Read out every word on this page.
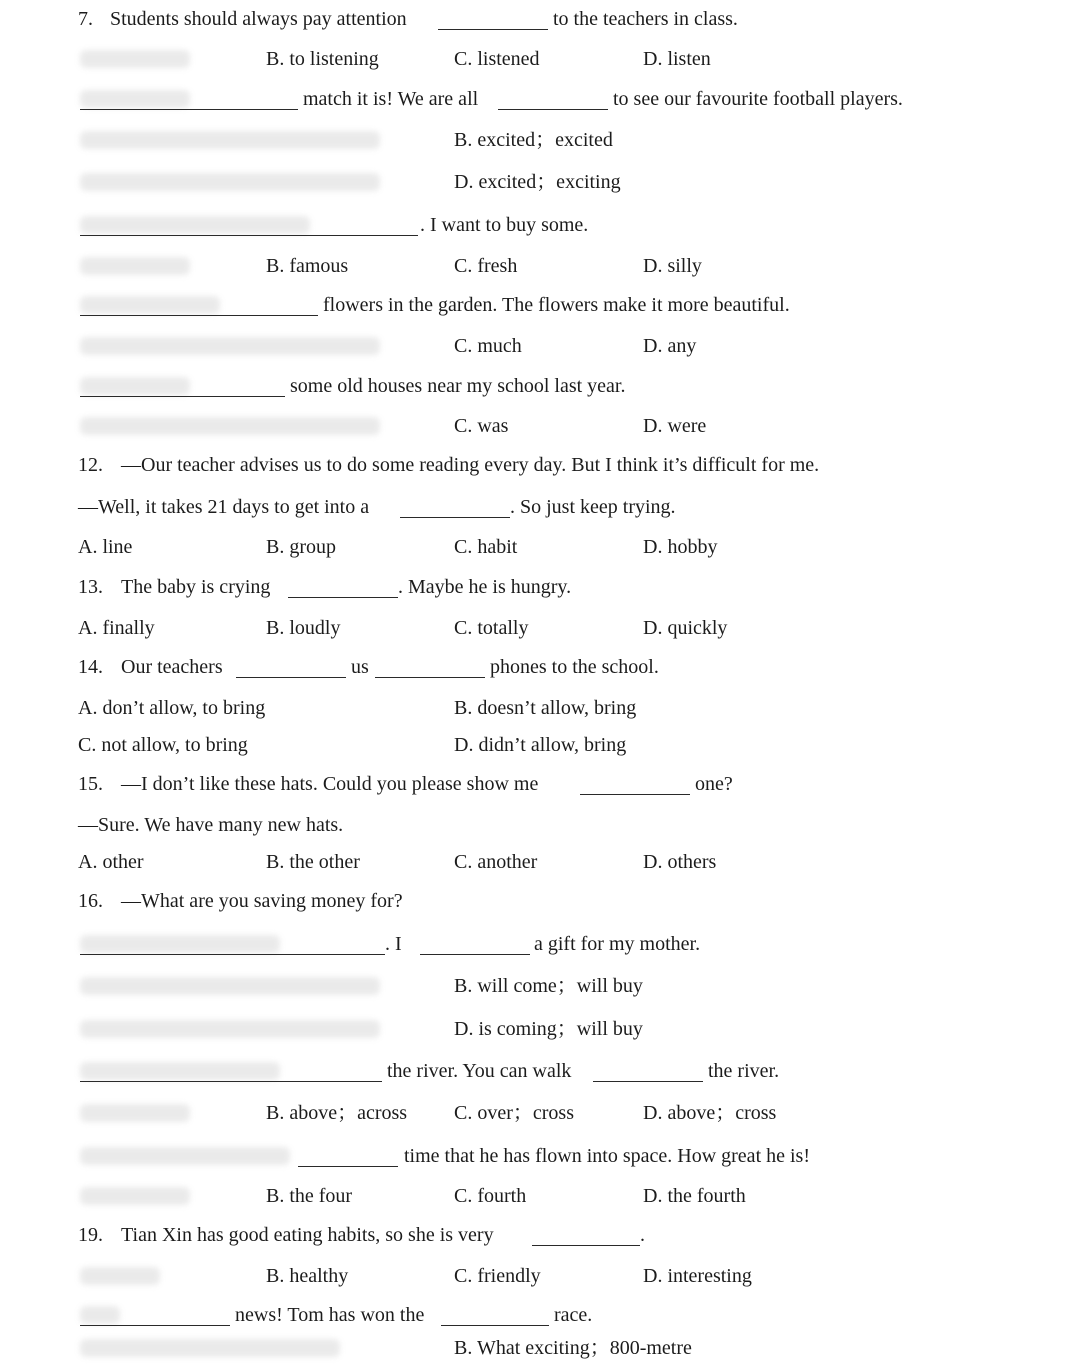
7. Students should always pay attention	to the teachers in class.
B. to listening	C. listened	D. listen
match it is! We are all	to see our favourite football players.
B. excited；excited
D. excited；exciting
. I want to buy some.
B. famous	C. fresh	D. silly
flowers in the garden. The flowers make it more beautiful.
C. much	D. any
some old houses near my school last year.
C. was	D. were
12. —Our teacher advises us to do some reading every day. But I think it’s difficult for me.
—Well, it takes 21 days to get into a	. So just keep trying.
A. line	B. group	C. habit	D. hobby
13. The baby is crying	. Maybe he is hungry.
A. finally	B. loudly	C. totally	D. quickly
14. Our teachers	us	phones to the school.
A. don’t allow, to bring	B. doesn’t allow, bring
C. not allow, to bring	D. didn’t allow, bring
15. —I don’t like these hats. Could you please show me	one?
—Sure. We have many new hats.
A. other	B. the other	C. another	D. others
16. —What are you saving money for?
. I	a gift for my mother.
B. will come；will buy
D. is coming；will buy
the river. You can walk	the river.
B. above；across C. over；cross	D. above；cross
time that he has flown into space. How great he is!
B. the four	C. fourth	D. the fourth
19. Tian Xin has good eating habits, so she is very	.
B. healthy	C. friendly	D. interesting
news! Tom has won the	race.
B. What exciting；800-metre
